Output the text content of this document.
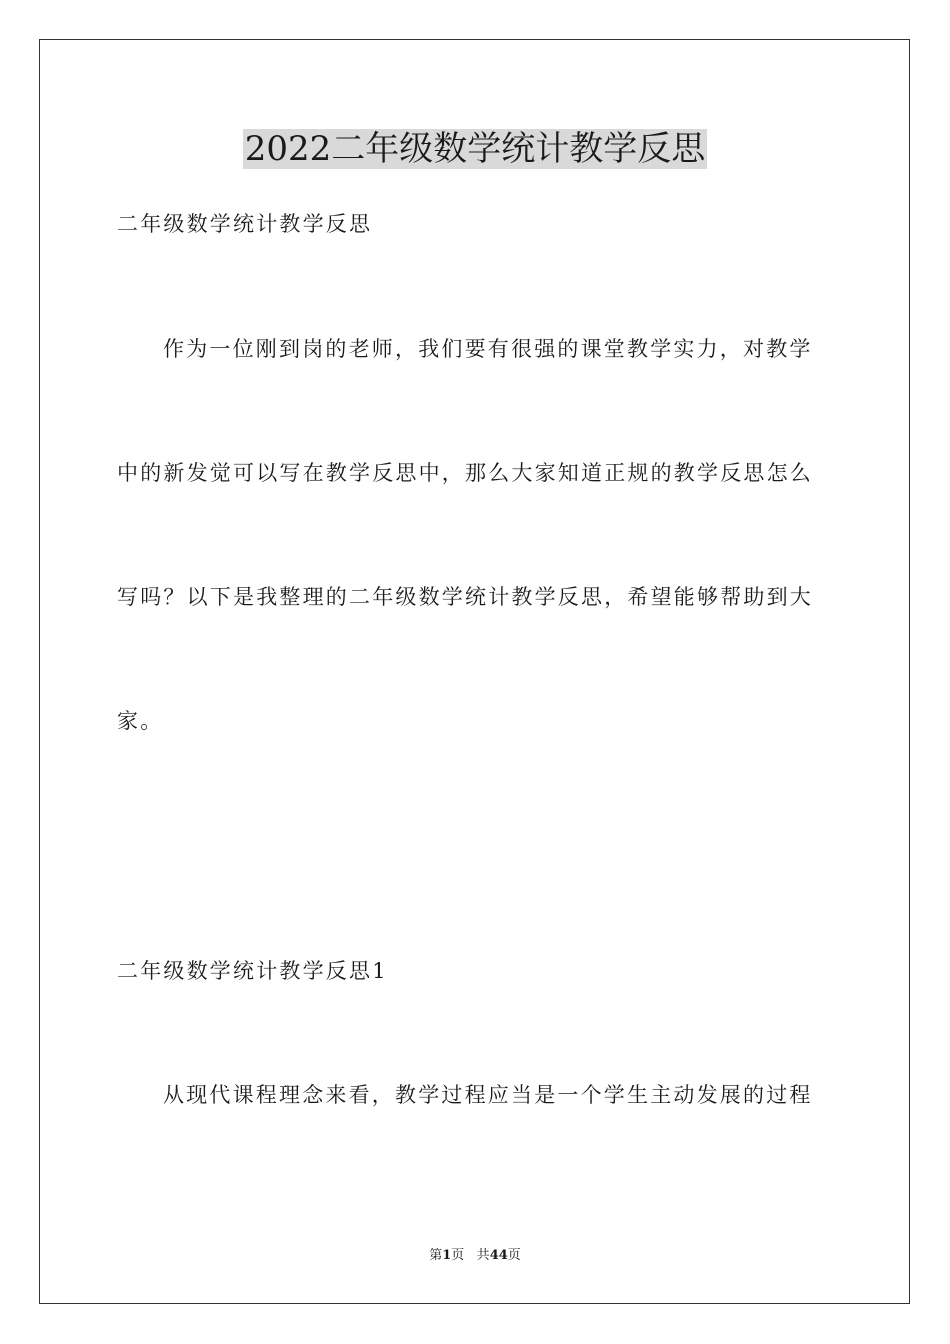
2022二年级数学统计教学反思

二年级数学统计教学反思

作为一位刚到岗的老师，我们要有很强的课堂教学实力，对教学

中的新发觉可以写在教学反思中，那么大家知道正规的教学反思怎么

写吗？以下是我整理的二年级数学统计教学反思，希望能够帮助到大

家。

二年级数学统计教学反思1

从现代课程理念来看，教学过程应当是一个学生主动发展的过程

第1页 共44页
